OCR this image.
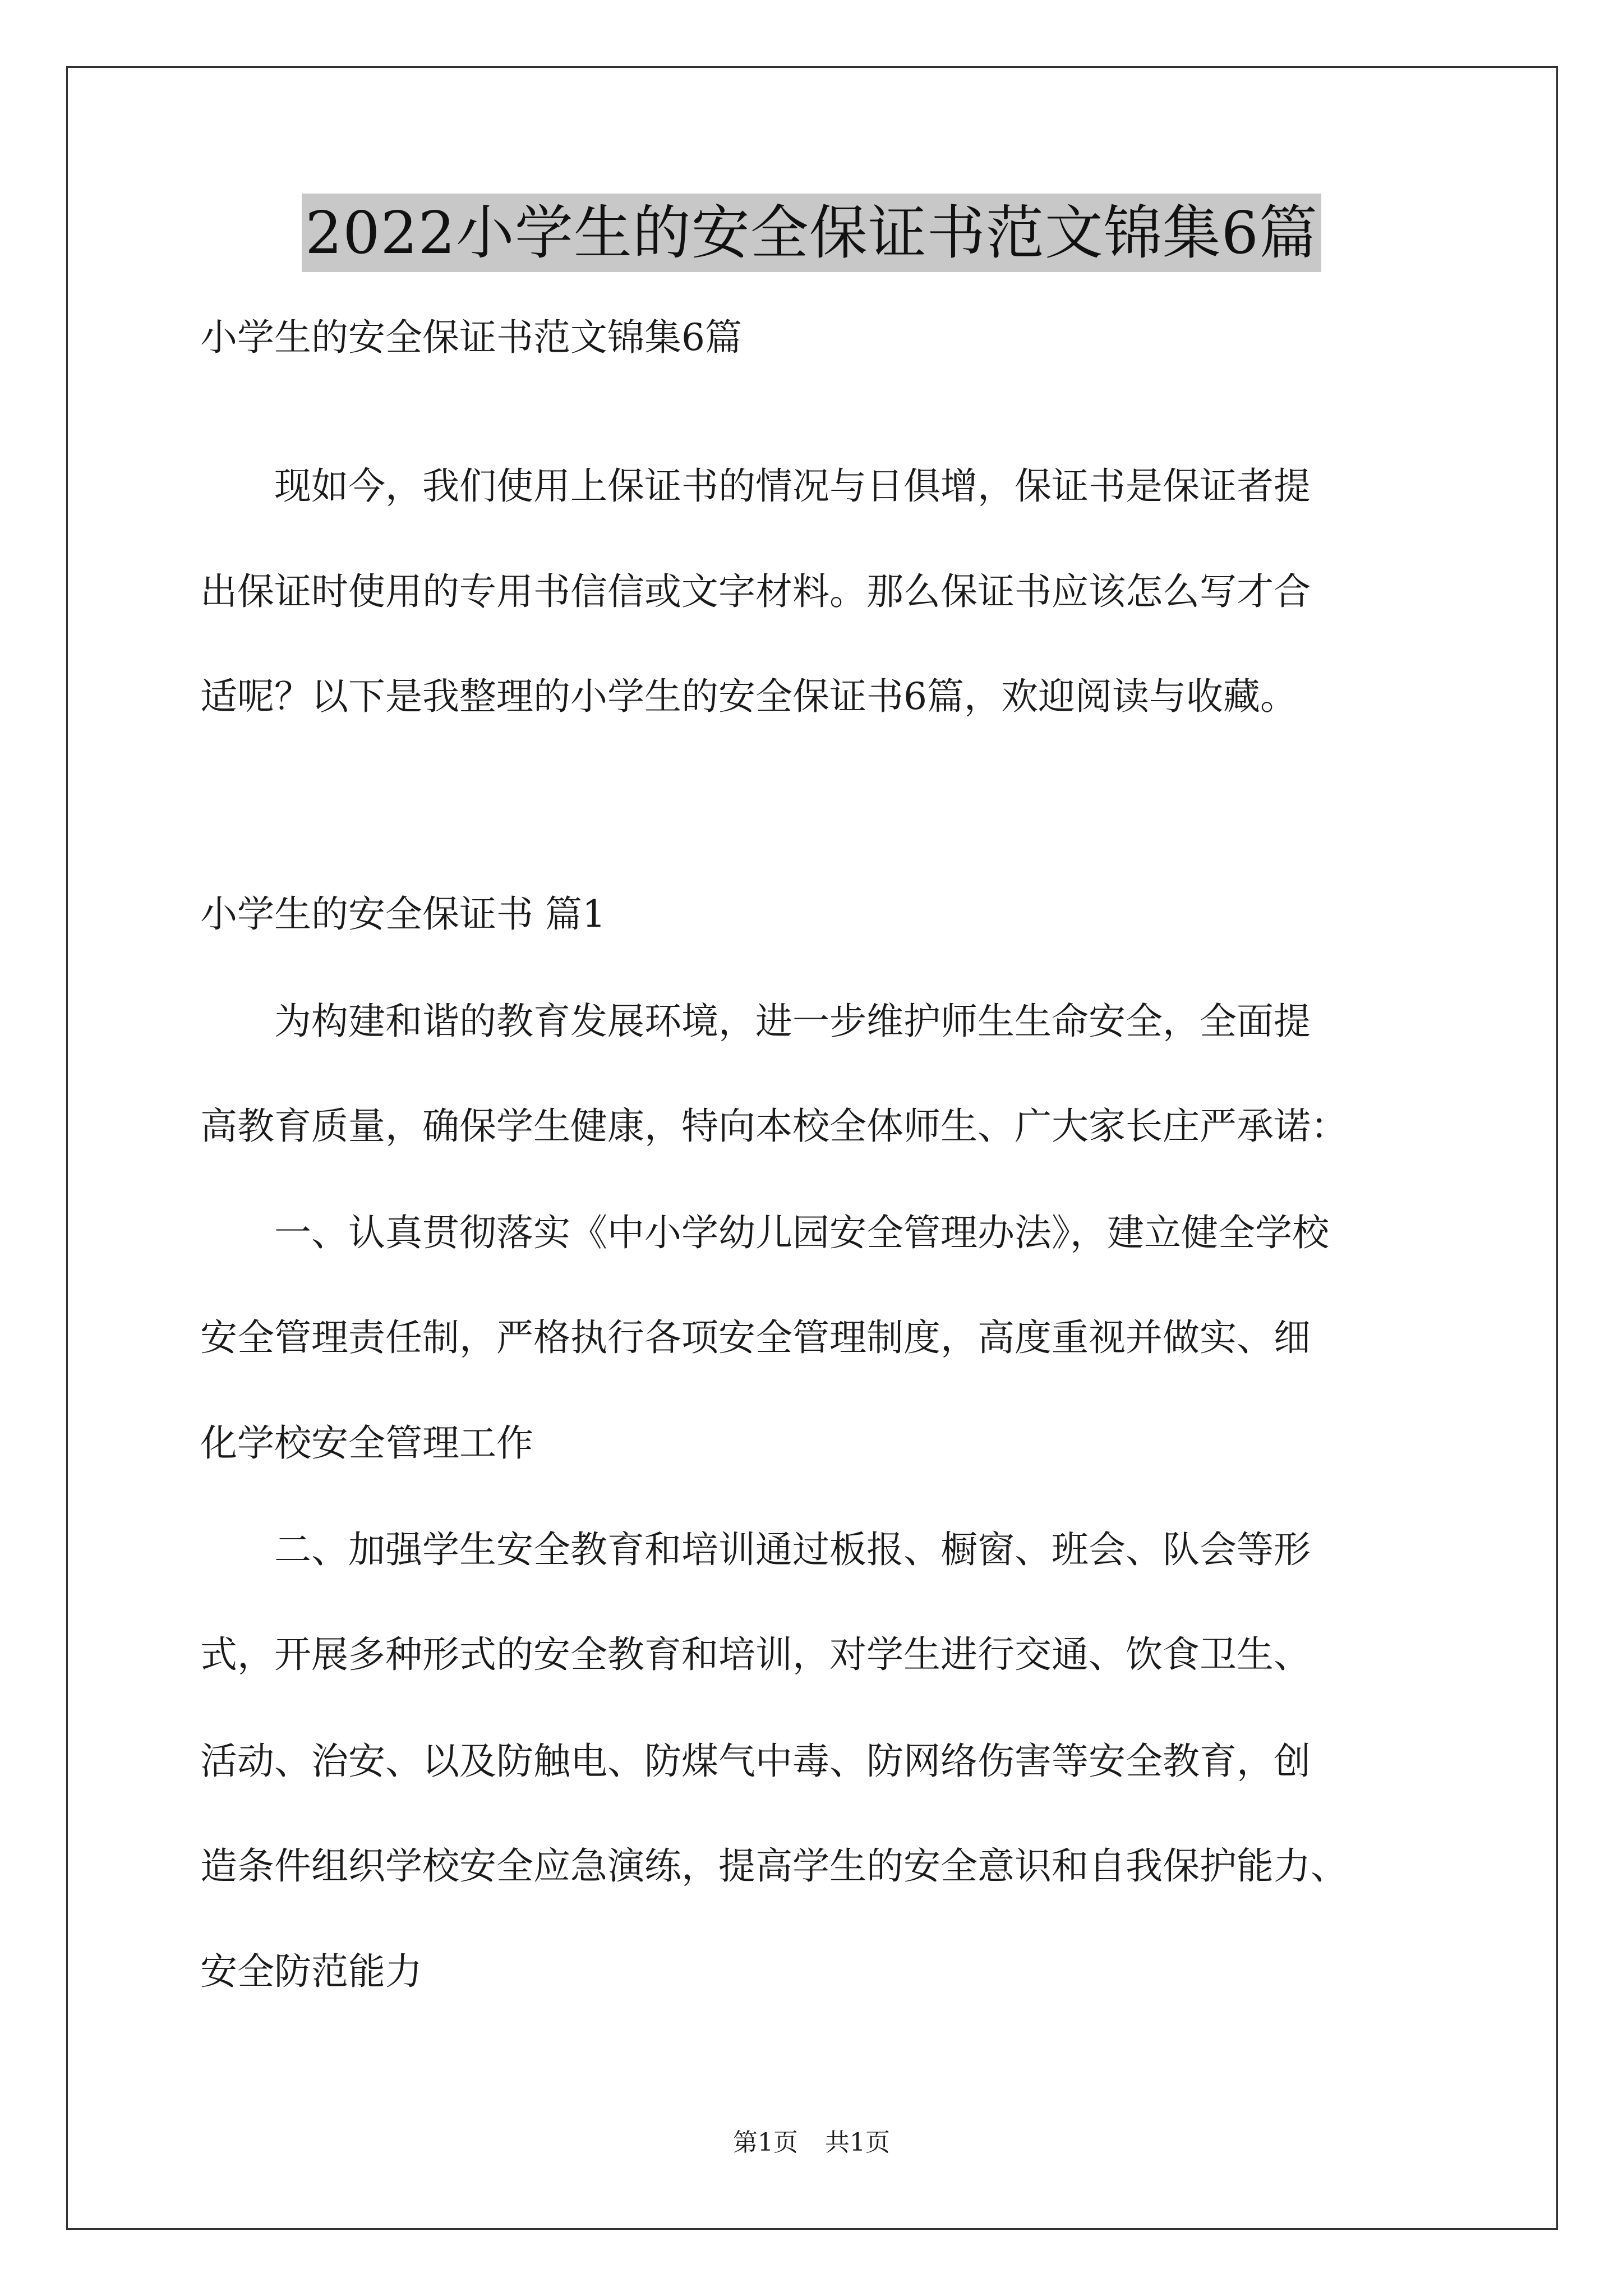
2022小学生的安全保证书范文锦集6篇
小学生的安全保证书范文锦集6篇
　　现如今，我们使用上保证书的情况与日俱增，保证书是保证者提
出保证时使用的专用书信信或文字材料。那么保证书应该怎么写才合
适呢？以下是我整理的小学生的安全保证书6篇，欢迎阅读与收藏。
小学生的安全保证书 篇1
　　为构建和谐的教育发展环境，进一步维护师生生命安全，全面提
高教育质量，确保学生健康，特向本校全体师生、广大家长庄严承诺：
　　一、认真贯彻落实《中小学幼儿园安全管理办法》，建立健全学校
安全管理责任制，严格执行各项安全管理制度，高度重视并做实、细
化学校安全管理工作
　　二、加强学生安全教育和培训通过板报、橱窗、班会、队会等形
式，开展多种形式的安全教育和培训，对学生进行交通、饮食卫生、
活动、治安、以及防触电、防煤气中毒、防网络伤害等安全教育，创
造条件组织学校安全应急演练，提高学生的安全意识和自我保护能力、
安全防范能力
第1页 共1页
